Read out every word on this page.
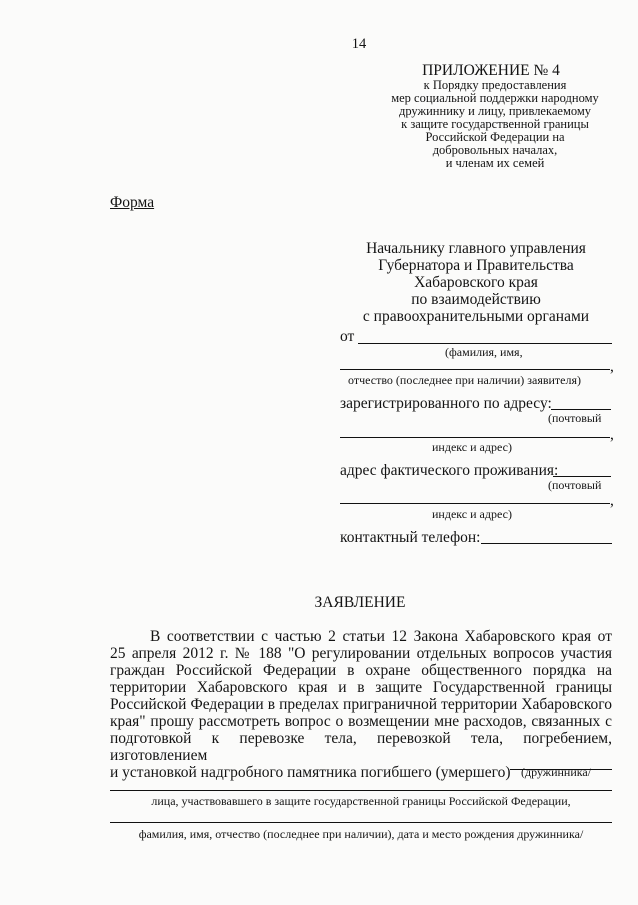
14
ПРИЛОЖЕНИЕ № 4
к Порядку предоставления
мер социальной поддержки народному
дружиннику и лицу, привлекаемому
к защите государственной границы
Российской Федерации на
добровольных началах,
и членам их семей
Форма
Начальнику главного управления
Губернатора и Правительства
Хабаровского края
по взаимодействию
с правоохранительными органами
от
(фамилия, имя,
,
отчество (последнее при наличии) заявителя)
зарегистрированного по адресу:
(почтовый
,
индекс и адрес)
адрес фактического проживания:
(почтовый
,
индекс и адрес)
контактный телефон:
ЗАЯВЛЕНИЕ
В соответствии с частью 2 статьи 12 Закона Хабаровского края от
25 апреля 2012 г. № 188 "О регулировании отдельных вопросов участия
граждан Российской Федерации в охране общественного порядка на
территории Хабаровского края и в защите Государственной границы
Российской Федерации в пределах приграничной территории Хабаровского
края" прошу рассмотреть вопрос о возмещении мне расходов, связанных с
подготовкой к перевозке тела, перевозкой тела, погребением, изготовлением
и установкой надгробного памятника погибшего (умершего) (дружинника/
лица, участвовавшего в защите государственной границы Российской Федерации,
фамилия, имя, отчество (последнее при наличии), дата и место рождения дружинника/
